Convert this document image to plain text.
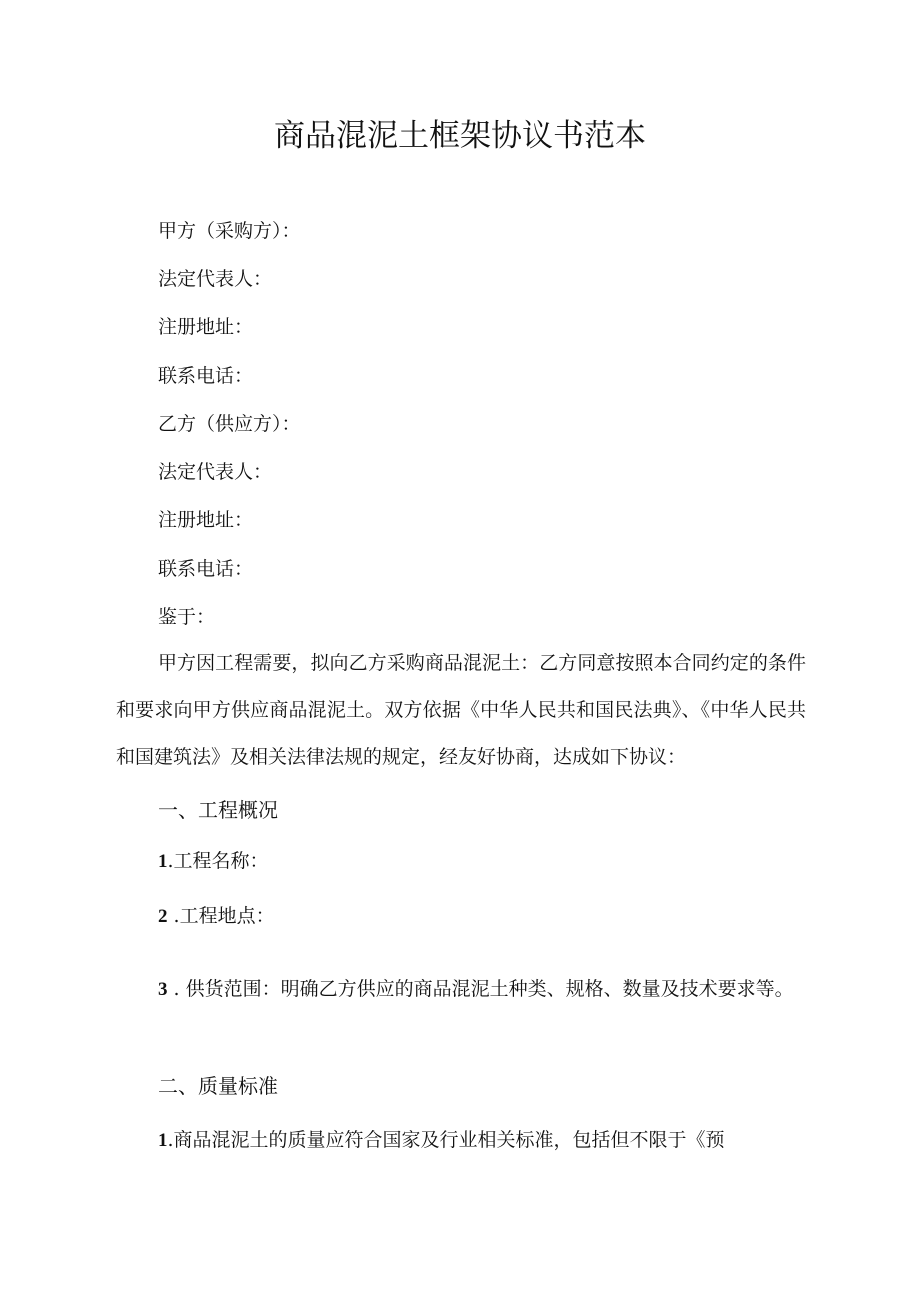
商品混泥土框架协议书范本
甲方（采购方）：
法定代表人：
注册地址：
联系电话：
乙方（供应方）：
法定代表人：
注册地址：
联系电话：
鉴于：
甲方因工程需要，拟向乙方采购商品混泥土：乙方同意按照本合同约定的条件和要求向甲方供应商品混泥土。双方依据《中华人民共和国民法典》、《中华人民共和国建筑法》及相关法律法规的规定，经友好协商，达成如下协议：
一、工程概况
1.工程名称：
2 .工程地点：
3 . 供货范围：明确乙方供应的商品混泥土种类、规格、数量及技术要求等。
二、质量标准
1.商品混泥土的质量应符合国家及行业相关标准，包括但不限于《预
